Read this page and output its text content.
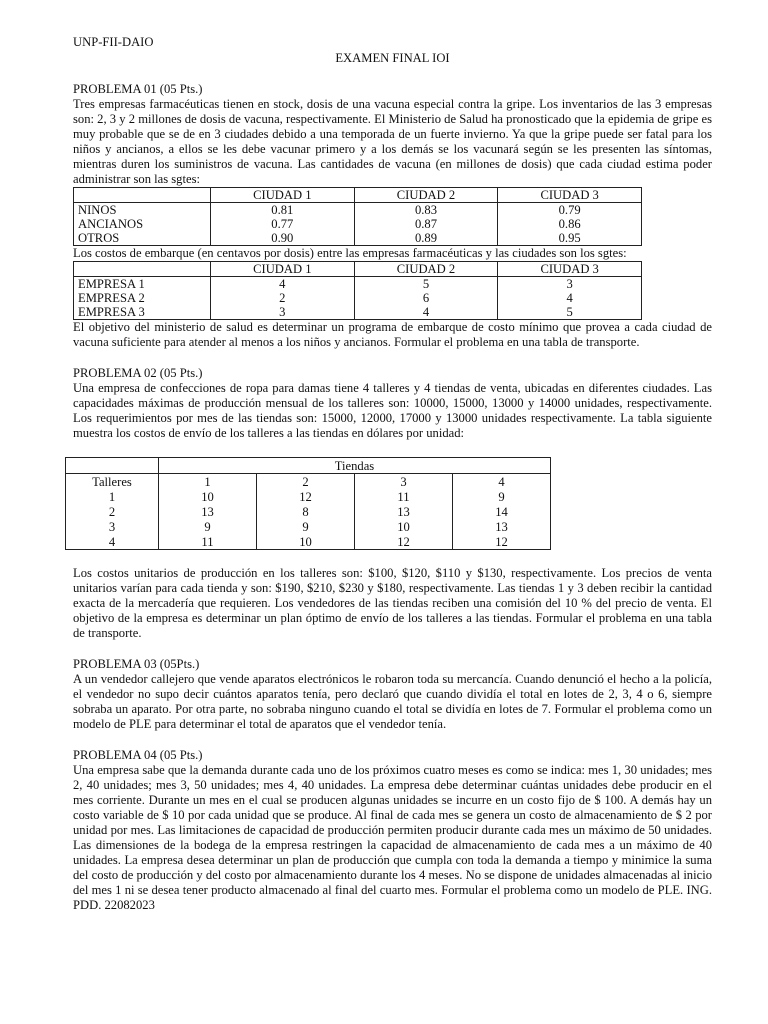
UNP-FII-DAIO
EXAMEN FINAL IOI
PROBLEMA 01 (05 Pts.)
Tres empresas farmacéuticas tienen en stock, dosis de una vacuna especial contra la gripe. Los inventarios de las 3 empresas son: 2, 3 y 2 millones de dosis de vacuna, respectivamente. El Ministerio de Salud ha pronosticado que la epidemia de gripe es muy probable que se de en 3 ciudades debido a una temporada de un fuerte invierno. Ya que la gripe puede ser fatal para los niños y ancianos, a ellos se les debe vacunar primero y a los demás se los vacunará según se les presenten las síntomas, mientras duren los suministros de vacuna. Las cantidades de vacuna (en millones de dosis) que cada ciudad estima poder administrar son las sgtes:
	CIUDAD 1	CIUDAD 2	CIUDAD 3
NINOS	0.81	0.83	0.79
ANCIANOS	0.77	0.87	0.86
OTROS	0.90	0.89	0.95
Los costos de embarque (en centavos por dosis) entre las empresas farmacéuticas y las ciudades son los sgtes:
	CIUDAD 1	CIUDAD 2	CIUDAD 3
EMPRESA 1	4	5	3
EMPRESA 2	2	6	4
EMPRESA 3	3	4	5
El objetivo del ministerio de salud es determinar un programa de embarque de costo mínimo que provea a cada ciudad de vacuna suficiente para atender al menos a los niños y ancianos. Formular el problema en una tabla de transporte.
PROBLEMA 02 (05 Pts.)
Una empresa de confecciones de ropa para damas tiene 4 talleres y 4 tiendas de venta, ubicadas en diferentes ciudades. Las capacidades máximas de producción mensual de los talleres son: 10000, 15000, 13000 y 14000 unidades, respectivamente. Los requerimientos por mes de las tiendas son: 15000, 12000, 17000 y 13000 unidades respectivamente. La tabla siguiente muestra los costos de envío de los talleres a las tiendas en dólares por unidad:
	Tiendas			
Talleres	1	2	3	4
1	10	12	11	9
2	13	8	13	14
3	9	9	10	13
4	11	10	12	12
Los costos unitarios de producción en los talleres son: $100, $120, $110 y $130, respectivamente. Los precios de venta unitarios varían para cada tienda y son: $190, $210, $230 y $180, respectivamente. Las tiendas 1 y 3 deben recibir la cantidad exacta de la mercadería que requieren. Los vendedores de las tiendas reciben una comisión del 10 % del precio de venta. El objetivo de la empresa es determinar un plan óptimo de envío de los talleres a las tiendas. Formular el problema en una tabla de transporte.
PROBLEMA 03 (05Pts.)
A un vendedor callejero que vende aparatos electrónicos le robaron toda su mercancía. Cuando denunció el hecho a la policía, el vendedor no supo decir cuántos aparatos tenía, pero declaró que cuando dividía el total en lotes de 2, 3, 4 o 6, siempre sobraba un aparato. Por otra parte, no sobraba ninguno cuando el total se dividía en lotes de 7. Formular el problema como un modelo de PLE para determinar el total de aparatos que el vendedor tenía.
PROBLEMA 04 (05 Pts.)
Una empresa sabe que la demanda durante cada uno de los próximos cuatro meses es como se indica: mes 1, 30 unidades; mes 2, 40 unidades; mes 3, 50 unidades; mes 4, 40 unidades. La empresa debe determinar cuántas unidades debe producir en el mes corriente. Durante un mes en el cual se producen algunas unidades se incurre en un costo fijo de $ 100. A demás hay un costo variable de $ 10 por cada unidad que se produce. Al final de cada mes se genera un costo de almacenamiento de $ 2 por unidad por mes. Las limitaciones de capacidad de producción permiten producir durante cada mes un máximo de 50 unidades. Las dimensiones de la bodega de la empresa restringen la capacidad de almacenamiento de cada mes a un máximo de 40 unidades. La empresa desea determinar un plan de producción que cumpla con toda la demanda a tiempo y minimice la suma del costo de producción y del costo por almacenamiento durante los 4 meses. No se dispone de unidades almacenadas al inicio del mes 1 ni se desea tener producto almacenado al final del cuarto mes. Formular el problema como un modelo de PLE. ING. PDD. 22082023
